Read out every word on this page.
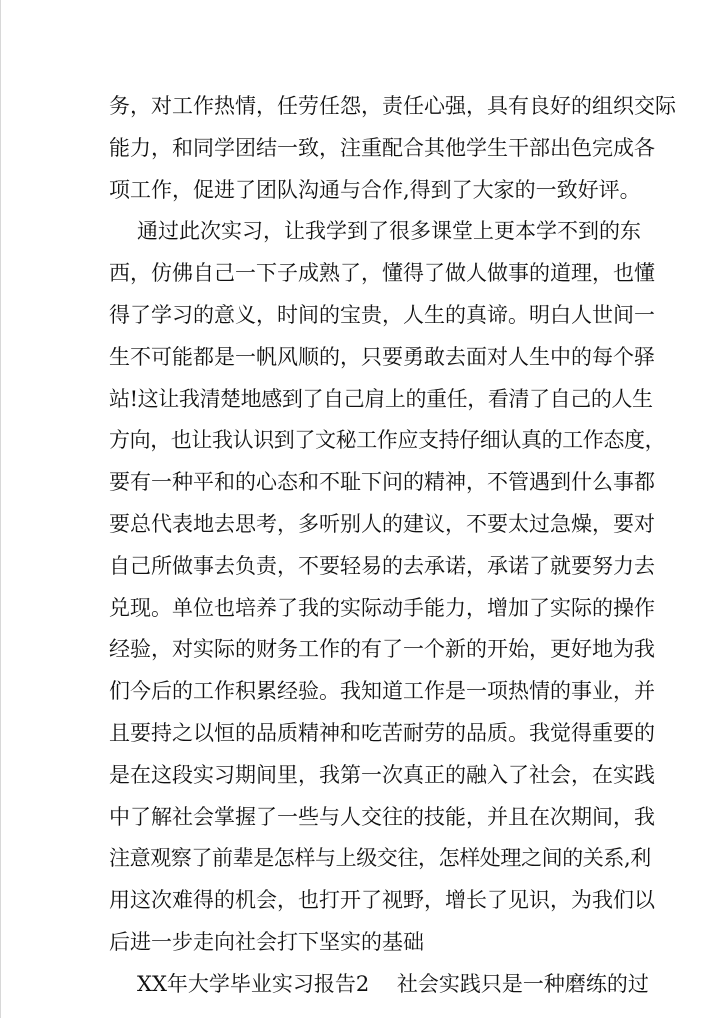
务，对工作热情，任劳任怨，责任心强，具有良好的组织交际
能力，和同学团结一致，注重配合其他学生干部出色完成各
项工作，促进了团队沟通与合作,得到了大家的一致好评。
通过此次实习，让我学到了很多课堂上更本学不到的东
西，仿佛自己一下子成熟了，懂得了做人做事的道理，也懂
得了学习的意义，时间的宝贵，人生的真谛。明白人世间一
生不可能都是一帆风顺的，只要勇敢去面对人生中的每个驿
站!这让我清楚地感到了自己肩上的重任，看清了自己的人生
方向，也让我认识到了文秘工作应支持仔细认真的工作态度，
要有一种平和的心态和不耻下问的精神，不管遇到什么事都
要总代表地去思考，多听别人的建议，不要太过急燥，要对
自己所做事去负责，不要轻易的去承诺，承诺了就要努力去
兑现。单位也培养了我的实际动手能力，增加了实际的操作
经验，对实际的财务工作的有了一个新的开始，更好地为我
们今后的工作积累经验。我知道工作是一项热情的事业，并
且要持之以恒的品质精神和吃苦耐劳的品质。我觉得重要的
是在这段实习期间里，我第一次真正的融入了社会，在实践
中了解社会掌握了一些与人交往的技能，并且在次期间，我
注意观察了前辈是怎样与上级交往，怎样处理之间的关系,利
用这次难得的机会，也打开了视野，增长了见识，为我们以
后进一步走向社会打下坚实的基础
XX年大学毕业实习报告2　 社会实践只是一种磨练的过
